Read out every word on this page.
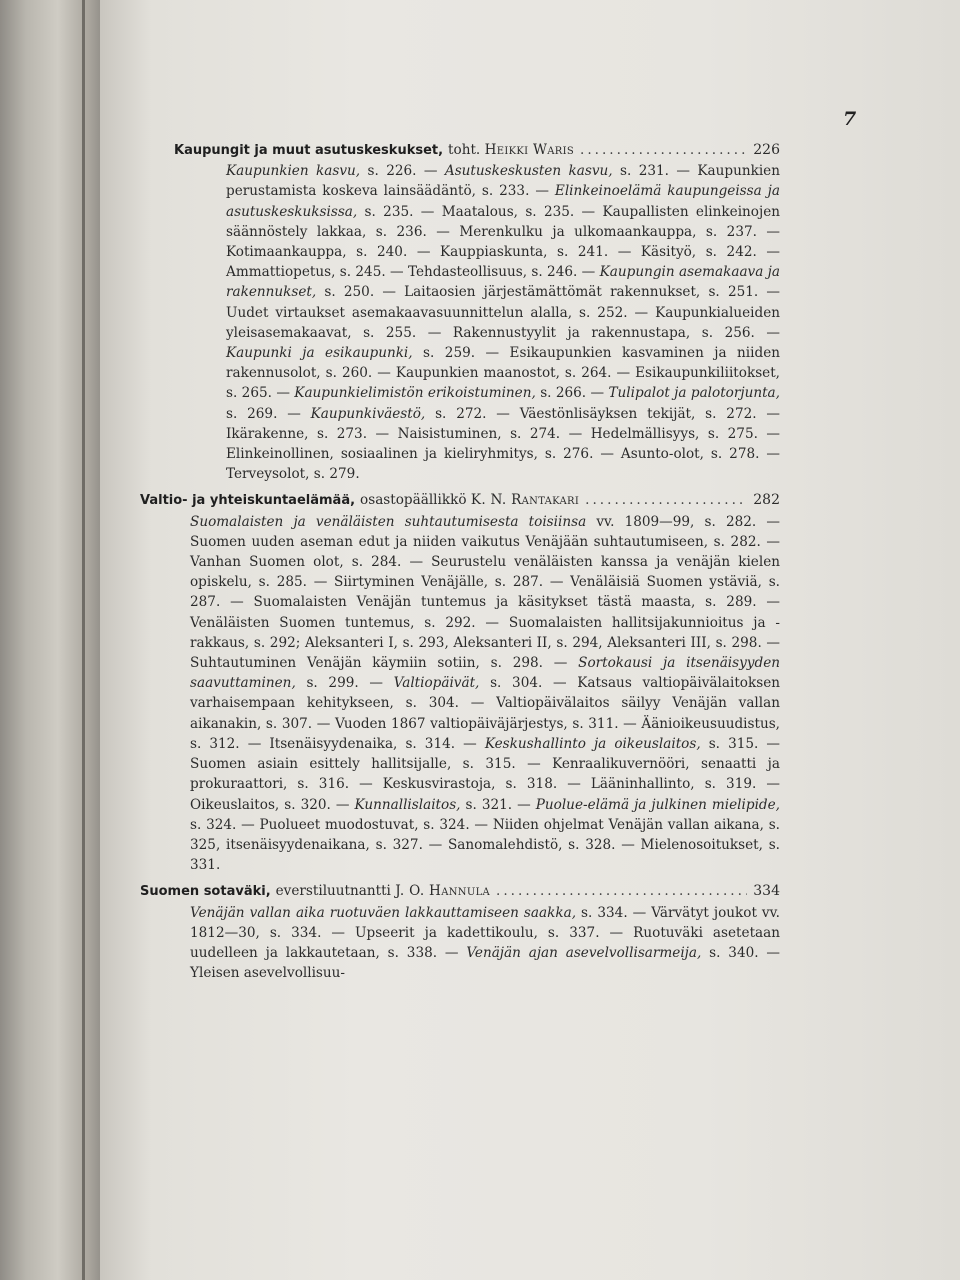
7
Kaupungit ja muut asutuskeskukset, toht. Heikki Waris .....	226
Kaupunkien kasvu, s. 226. — Asutuskeskusten kasvu, s. 231. — Kaupunkien perustamista koskeva lainsäädäntö, s. 233. — Elinkeinoelämä kaupungeissa ja asutuskeskuksissa, s. 235. — Maatalous, s. 235. — Kaupallisten elinkeinojen säännöstely lakkaa, s. 236. — Merenkulku ja ulkomaankauppa, s. 237. — Kotimaankauppa, s. 240. — Kauppiaskunta, s. 241. — Käsityö, s. 242. — Ammattiopetus, s. 245. — Tehdasteollisuus, s. 246. — Kaupungin asemakaava ja rakennukset, s. 250. — Laitaosien järjestämättömät rakennukset, s. 251. — Uudet virtaukset asemakaavasuunnittelun alalla, s. 252. — Kaupunkialueiden yleisasemakaavat, s. 255. — Rakennustyylit ja rakennustapa, s. 256. — Kaupunki ja esikaupunki, s. 259. — Esikaupunkien kasvaminen ja niiden rakennusolot, s. 260. — Kaupunkien maanostot, s. 264. — Esikaupunkiliitokset, s. 265. — Kaupunkielimistön erikoistuminen, s. 266. — Tulipalot ja palotorjunta, s. 269. — Kaupunkiväestö, s. 272. — Väestönlisäyksen tekijät, s. 272. — Ikärakenne, s. 273. — Naisistuminen, s. 274. — Hedelmällisyys, s. 275. — Elinkeinollinen, sosiaalinen ja kieliryhmitys, s. 276. — Asunto-olot, s. 278. — Terveysolot, s. 279.
Valtio- ja yhteiskuntaelämää, osastopäällikkö K. N. Rantakari .....	282
Suomalaisten ja venäläisten suhtautumisesta toisiinsa vv. 1809—99, s. 282. — Suomen uuden aseman edut ja niiden vaikutus Venäjään suhtautumiseen, s. 282. — Vanhan Suomen olot, s. 284. — Seurustelu venäläisten kanssa ja venäjän kielen opiskelu, s. 285. — Siirtyminen Venäjälle, s. 287. — Venäläisiä Suomen ystäviä, s. 287. — Suomalaisten Venäjän tuntemus ja käsitykset tästä maasta, s. 289. — Venäläisten Suomen tuntemus, s. 292. — Suomalaisten hallitsijakunnioitus ja -rakkaus, s. 292; Aleksanteri I, s. 293, Aleksanteri II, s. 294, Aleksanteri III, s. 298. — Suhtautuminen Venäjän käymiin sotiin, s. 298. — Sortokausi ja itsenäisyyden saavuttaminen, s. 299. — Valtiopäivät, s. 304. — Katsaus valtiopäivälaitoksen varhaisempaan kehitykseen, s. 304. — Valtiopäivälaitos säilyy Venäjän vallan aikanakin, s. 307. — Vuoden 1867 valtiopäiväjärjestys, s. 311. — Äänioikeusuudistus, s. 312. — Itsenäisyydenaika, s. 314. — Keskushallinto ja oikeuslaitos, s. 315. — Suomen asiain esittely hallitsijalle, s. 315. — Kenraalikuvernööri, senaatti ja prokuraattori, s. 316. — Keskusvirastoja, s. 318. — Lääninhallinto, s. 319. — Oikeuslaitos, s. 320. — Kunnallislaitos, s. 321. — Puolue-elämä ja julkinen mielipide, s. 324. — Puolueet muodostuvat, s. 324. — Niiden ohjelmat Venäjän vallan aikana, s. 325, itsenäisyydenaikana, s. 327. — Sanomalehdistö, s. 328. — Mielenosoitukset, s. 331.
Suomen sotaväki, everstiluutnantti J. O. Hannula .....	334
Venäjän vallan aika ruotuväen lakkauttamiseen saakka, s. 334. — Värvätyt joukot vv. 1812—30, s. 334. — Upseerit ja kadettikoulu, s. 337. — Ruotuväki asetetaan uudelleen ja lakkautetaan, s. 338. — Venäjän ajan asevelvollisarmeija, s. 340. — Yleisen asevelvollisuu-
